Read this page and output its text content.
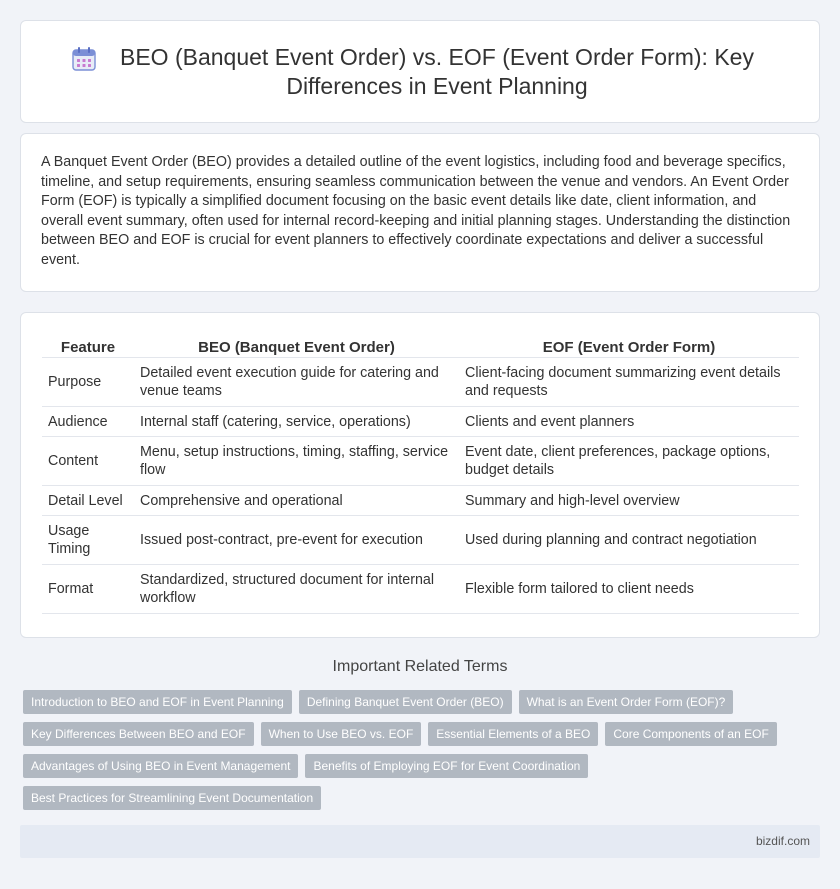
BEO (Banquet Event Order) vs. EOF (Event Order Form): Key Differences in Event Planning

A Banquet Event Order (BEO) provides a detailed outline of the event logistics, including food and beverage specifics, timeline, and setup requirements, ensuring seamless communication between the venue and vendors. An Event Order Form (EOF) is typically a simplified document focusing on the basic event details like date, client information, and overall event summary, often used for internal record-keeping and initial planning stages. Understanding the distinction between BEO and EOF is crucial for event planners to effectively coordinate expectations and deliver a successful event.

Feature	BEO (Banquet Event Order)	EOF (Event Order Form)
Purpose	Detailed event execution guide for catering and venue teams	Client-facing document summarizing event details and requests
Audience	Internal staff (catering, service, operations)	Clients and event planners
Content	Menu, setup instructions, timing, staffing, service flow	Event date, client preferences, package options, budget details
Detail Level	Comprehensive and operational	Summary and high-level overview
Usage Timing	Issued post-contract, pre-event for execution	Used during planning and contract negotiation
Format	Standardized, structured document for internal workflow	Flexible form tailored to client needs
Important Related Terms
Introduction to BEO and EOF in Event Planning	Defining Banquet Event Order (BEO)	What is an Event Order Form (EOF)?
Key Differences Between BEO and EOF	When to Use BEO vs. EOF	Essential Elements of a BEO	Core Components of an EOF
Advantages of Using BEO in Event Management	Benefits of Employing EOF for Event Coordination
Best Practices for Streamlining Event Documentation
bizdif.com
